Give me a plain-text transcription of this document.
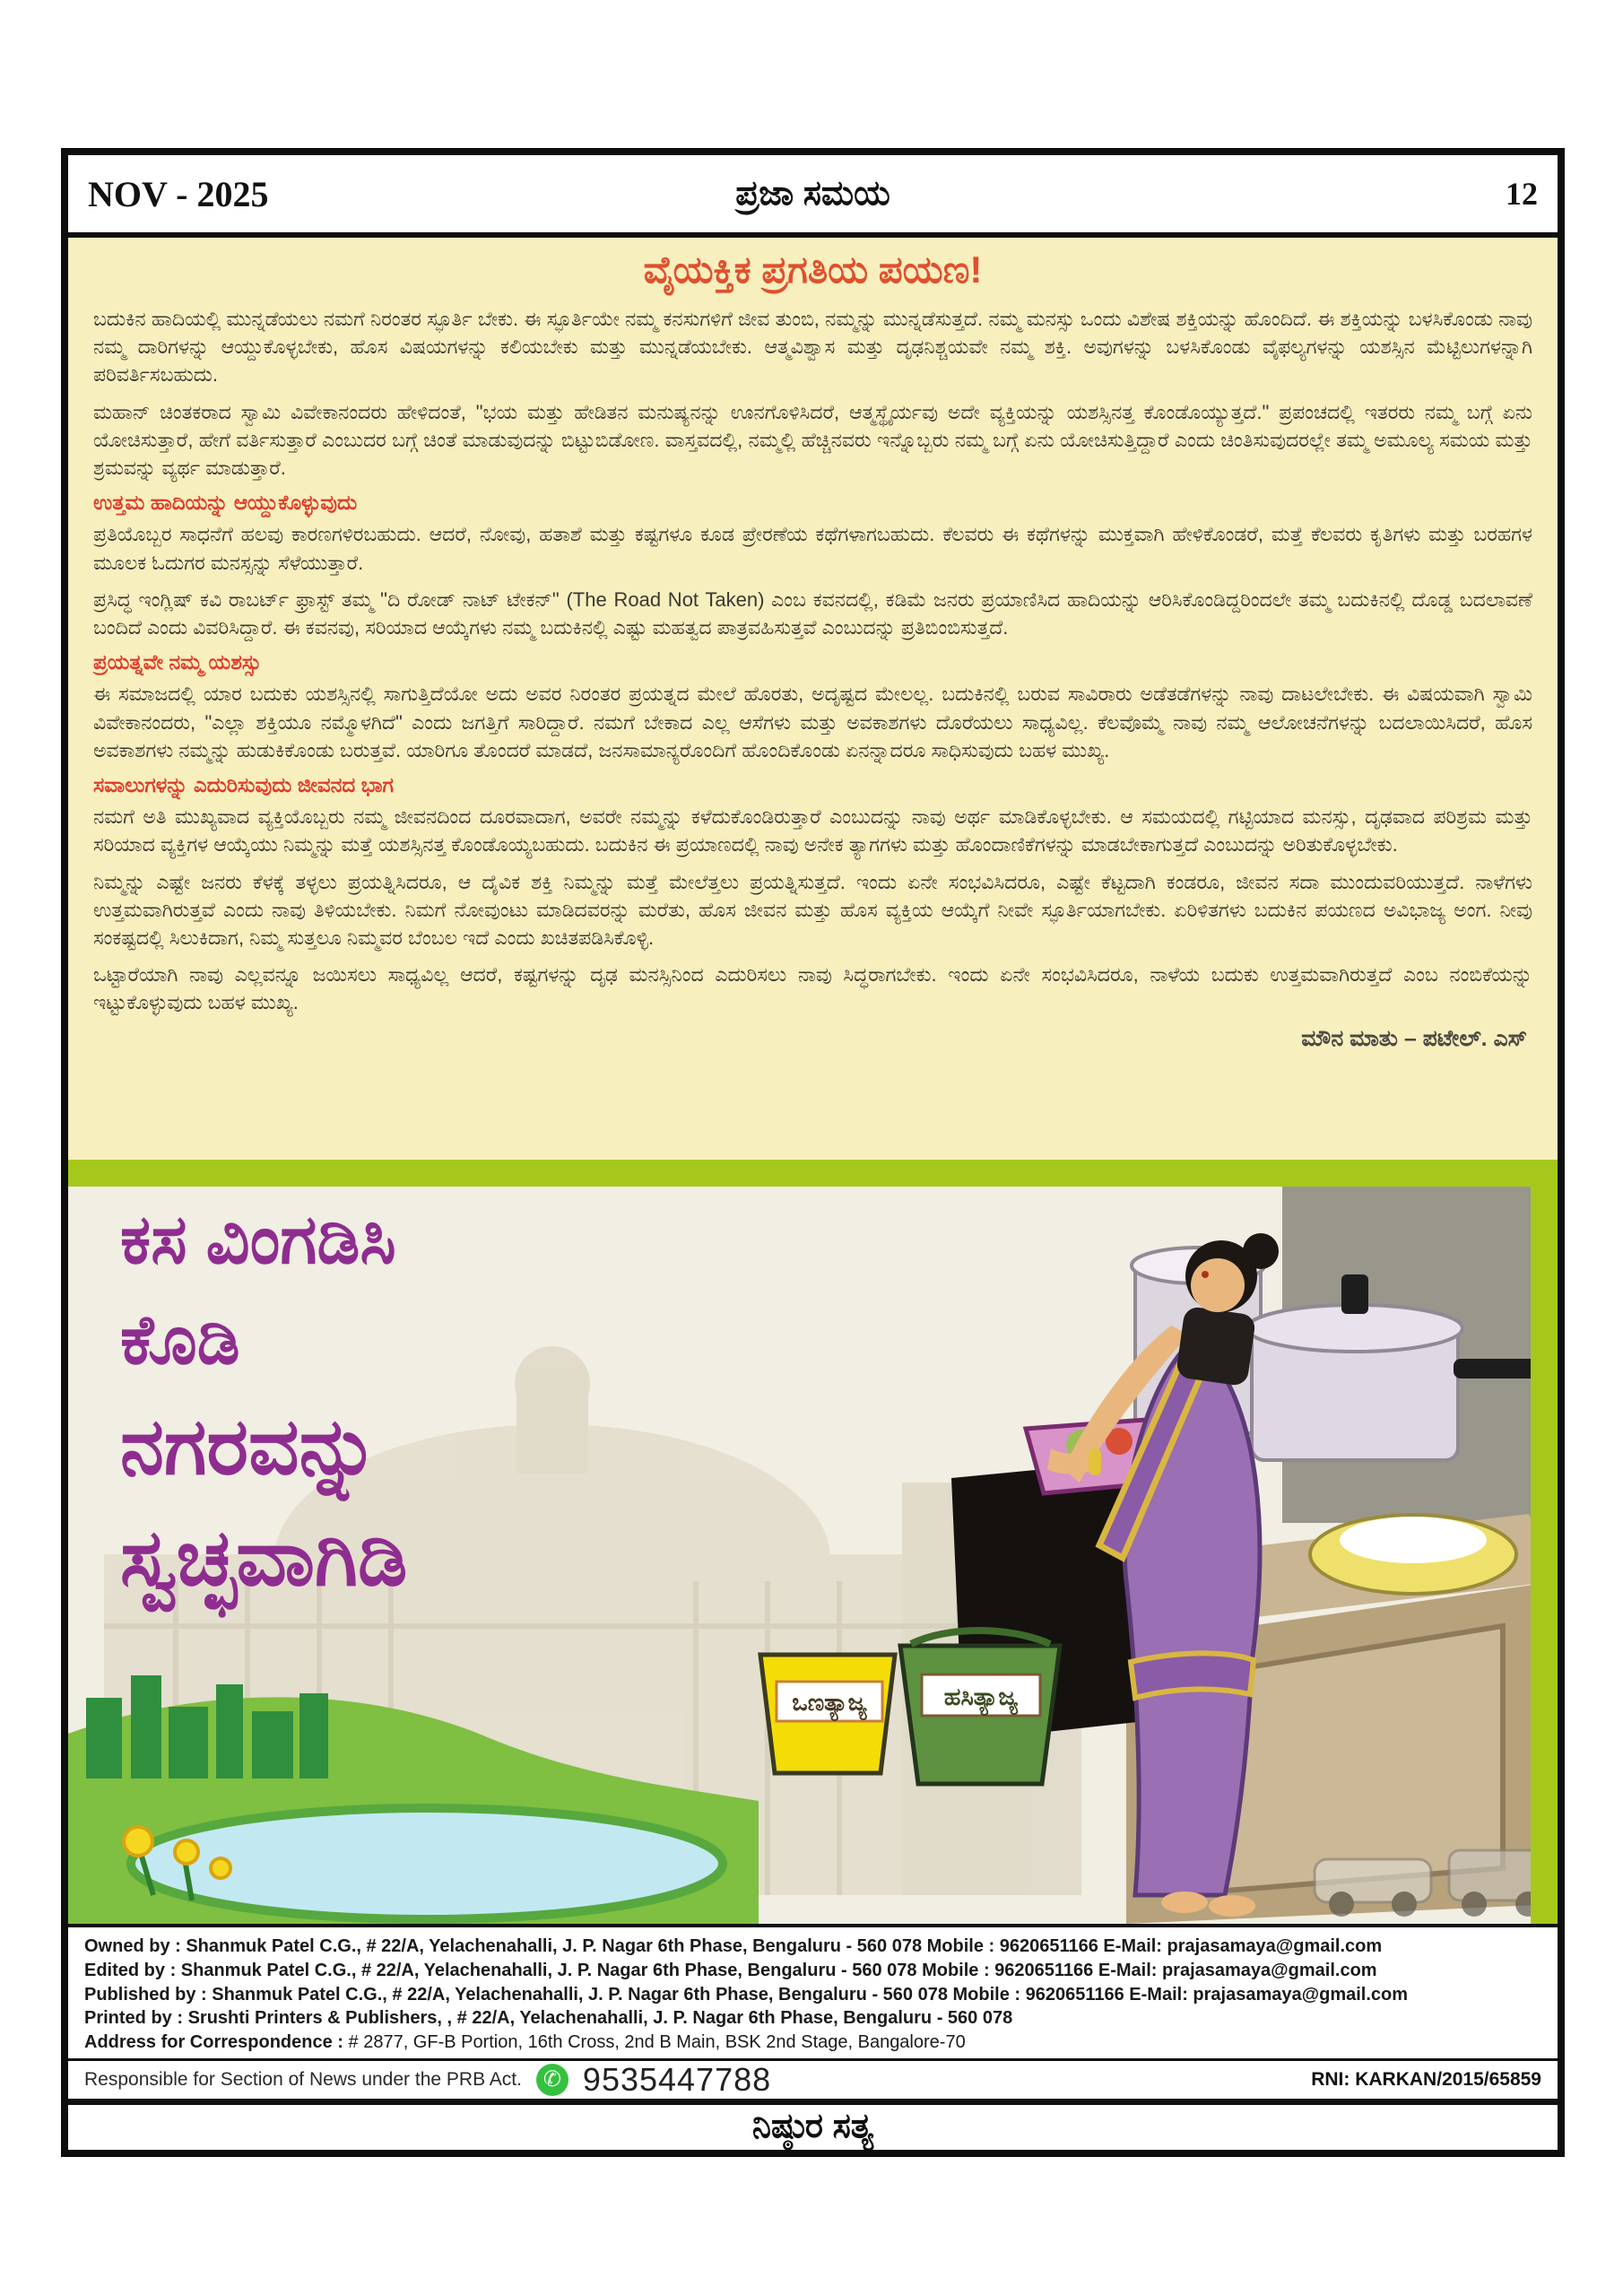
NOV - 2025	ಪ್ರಜಾ ಸಮಯ	12
ವೈಯಕ್ತಿಕ ಪ್ರಗತಿಯ ಪಯಣ!
ಬದುಕಿನ ಹಾದಿಯಲ್ಲಿ ಮುನ್ನಡೆಯಲು ನಮಗೆ ನಿರಂತರ ಸ್ಫೂರ್ತಿ ಬೇಕು. ಈ ಸ್ಫೂರ್ತಿಯೇ ನಮ್ಮ ಕನಸುಗಳಿಗೆ ಜೀವ ತುಂಬಿ, ನಮ್ಮನ್ನು ಮುನ್ನಡೆಸುತ್ತದೆ. ನಮ್ಮ ಮನಸ್ಸು ಒಂದು ವಿಶೇಷ ಶಕ್ತಿಯನ್ನು ಹೊಂದಿದೆ. ಈ ಶಕ್ತಿಯನ್ನು ಬಳಸಿಕೊಂಡು ನಾವು ನಮ್ಮ ದಾರಿಗಳನ್ನು ಆಯ್ದುಕೊಳ್ಳಬೇಕು, ಹೊಸ ವಿಷಯಗಳನ್ನು ಕಲಿಯಬೇಕು ಮತ್ತು ಮುನ್ನಡೆಯಬೇಕು. ಆತ್ಮವಿಶ್ವಾಸ ಮತ್ತು ದೃಢನಿಶ್ಚಯವೇ ನಮ್ಮ ಶಕ್ತಿ. ಅವುಗಳನ್ನು ಬಳಸಿಕೊಂಡು ವೈಫಲ್ಯಗಳನ್ನು ಯಶಸ್ಸಿನ ಮೆಟ್ಟಿಲುಗಳನ್ನಾಗಿ ಪರಿವರ್ತಿಸಬಹುದು.
ಮಹಾನ್ ಚಿಂತಕರಾದ ಸ್ವಾಮಿ ವಿವೇಕಾನಂದರು ಹೇಳಿದಂತೆ, "ಭಯ ಮತ್ತು ಹೇಡಿತನ ಮನುಷ್ಯನನ್ನು ಊನಗೊಳಿಸಿದರೆ, ಆತ್ಮಸ್ಥೈರ್ಯವು ಅದೇ ವ್ಯಕ್ತಿಯನ್ನು ಯಶಸ್ಸಿನತ್ತ ಕೊಂಡೊಯ್ಯುತ್ತದೆ." ಪ್ರಪಂಚದಲ್ಲಿ ಇತರರು ನಮ್ಮ ಬಗ್ಗೆ ಏನು ಯೋಚಿಸುತ್ತಾರೆ, ಹೇಗೆ ವರ್ತಿಸುತ್ತಾರೆ ಎಂಬುದರ ಬಗ್ಗೆ ಚಿಂತೆ ಮಾಡುವುದನ್ನು ಬಿಟ್ಟುಬಿಡೋಣ. ವಾಸ್ತವದಲ್ಲಿ, ನಮ್ಮಲ್ಲಿ ಹೆಚ್ಚಿನವರು ಇನ್ನೊಬ್ಬರು ನಮ್ಮ ಬಗ್ಗೆ ಏನು ಯೋಚಿಸುತ್ತಿದ್ದಾರೆ ಎಂದು ಚಿಂತಿಸುವುದರಲ್ಲೇ ತಮ್ಮ ಅಮೂಲ್ಯ ಸಮಯ ಮತ್ತು ಶ್ರಮವನ್ನು ವ್ಯರ್ಥ ಮಾಡುತ್ತಾರೆ.
ಉತ್ತಮ ಹಾದಿಯನ್ನು ಆಯ್ದುಕೊಳ್ಳುವುದು
ಪ್ರತಿಯೊಬ್ಬರ ಸಾಧನೆಗೆ ಹಲವು ಕಾರಣಗಳಿರಬಹುದು. ಆದರೆ, ನೋವು, ಹತಾಶೆ ಮತ್ತು ಕಷ್ಟಗಳೂ ಕೂಡ ಪ್ರೇರಣೆಯ ಕಥೆಗಳಾಗಬಹುದು. ಕೆಲವರು ಈ ಕಥೆಗಳನ್ನು ಮುಕ್ತವಾಗಿ ಹೇಳಿಕೊಂಡರೆ, ಮತ್ತೆ ಕೆಲವರು ಕೃತಿಗಳು ಮತ್ತು ಬರಹಗಳ ಮೂಲಕ ಓದುಗರ ಮನಸ್ಸನ್ನು ಸೆಳೆಯುತ್ತಾರೆ.
ಪ್ರಸಿದ್ಧ ಇಂಗ್ಲಿಷ್ ಕವಿ ರಾಬರ್ಟ್ ಫ್ರಾಸ್ಟ್ ತಮ್ಮ "ದಿ ರೋಡ್ ನಾಟ್ ಟೇಕನ್" (The Road Not Taken) ಎಂಬ ಕವನದಲ್ಲಿ, ಕಡಿಮೆ ಜನರು ಪ್ರಯಾಣಿಸಿದ ಹಾದಿಯನ್ನು ಆರಿಸಿಕೊಂಡಿದ್ದರಿಂದಲೇ ತಮ್ಮ ಬದುಕಿನಲ್ಲಿ ದೊಡ್ಡ ಬದಲಾವಣೆ ಬಂದಿದೆ ಎಂದು ವಿವರಿಸಿದ್ದಾರೆ. ಈ ಕವನವು, ಸರಿಯಾದ ಆಯ್ಕೆಗಳು ನಮ್ಮ ಬದುಕಿನಲ್ಲಿ ಎಷ್ಟು ಮಹತ್ವದ ಪಾತ್ರವಹಿಸುತ್ತವೆ ಎಂಬುದನ್ನು ಪ್ರತಿಬಿಂಬಿಸುತ್ತದೆ.
ಪ್ರಯತ್ನವೇ ನಮ್ಮ ಯಶಸ್ಸು
ಈ ಸಮಾಜದಲ್ಲಿ ಯಾರ ಬದುಕು ಯಶಸ್ಸಿನಲ್ಲಿ ಸಾಗುತ್ತಿದೆಯೋ ಅದು ಅವರ ನಿರಂತರ ಪ್ರಯತ್ನದ ಮೇಲೆ ಹೊರತು, ಅದೃಷ್ಟದ ಮೇಲಲ್ಲ. ಬದುಕಿನಲ್ಲಿ ಬರುವ ಸಾವಿರಾರು ಅಡೆತಡೆಗಳನ್ನು ನಾವು ದಾಟಲೇಬೇಕು. ಈ ವಿಷಯವಾಗಿ ಸ್ವಾಮಿ ವಿವೇಕಾನಂದರು, "ಎಲ್ಲಾ ಶಕ್ತಿಯೂ ನಮ್ಮೊಳಗಿದೆ" ಎಂದು ಜಗತ್ತಿಗೆ ಸಾರಿದ್ದಾರೆ. ನಮಗೆ ಬೇಕಾದ ಎಲ್ಲ ಆಸೆಗಳು ಮತ್ತು ಅವಕಾಶಗಳು ದೊರೆಯಲು ಸಾಧ್ಯವಿಲ್ಲ. ಕೆಲವೊಮ್ಮೆ ನಾವು ನಮ್ಮ ಆಲೋಚನೆಗಳನ್ನು ಬದಲಾಯಿಸಿದರೆ, ಹೊಸ ಅವಕಾಶಗಳು ನಮ್ಮನ್ನು ಹುಡುಕಿಕೊಂಡು ಬರುತ್ತವೆ. ಯಾರಿಗೂ ತೊಂದರೆ ಮಾಡದೆ, ಜನಸಾಮಾನ್ಯರೊಂದಿಗೆ ಹೊಂದಿಕೊಂಡು ಏನನ್ನಾದರೂ ಸಾಧಿಸುವುದು ಬಹಳ ಮುಖ್ಯ.
ಸವಾಲುಗಳನ್ನು ಎದುರಿಸುವುದು ಜೀವನದ ಭಾಗ
ನಮಗೆ ಅತಿ ಮುಖ್ಯವಾದ ವ್ಯಕ್ತಿಯೊಬ್ಬರು ನಮ್ಮ ಜೀವನದಿಂದ ದೂರವಾದಾಗ, ಅವರೇ ನಮ್ಮನ್ನು ಕಳೆದುಕೊಂಡಿರುತ್ತಾರೆ ಎಂಬುದನ್ನು ನಾವು ಅರ್ಥ ಮಾಡಿಕೊಳ್ಳಬೇಕು. ಆ ಸಮಯದಲ್ಲಿ ಗಟ್ಟಿಯಾದ ಮನಸ್ಸು, ದೃಢವಾದ ಪರಿಶ್ರಮ ಮತ್ತು ಸರಿಯಾದ ವ್ಯಕ್ತಿಗಳ ಆಯ್ಕೆಯು ನಿಮ್ಮನ್ನು ಮತ್ತೆ ಯಶಸ್ಸಿನತ್ತ ಕೊಂಡೊಯ್ಯಬಹುದು. ಬದುಕಿನ ಈ ಪ್ರಯಾಣದಲ್ಲಿ ನಾವು ಅನೇಕ ತ್ಯಾಗಗಳು ಮತ್ತು ಹೊಂದಾಣಿಕೆಗಳನ್ನು ಮಾಡಬೇಕಾಗುತ್ತದೆ ಎಂಬುದನ್ನು ಅರಿತುಕೊಳ್ಳಬೇಕು.
ನಿಮ್ಮನ್ನು ಎಷ್ಟೇ ಜನರು ಕೆಳಕ್ಕೆ ತಳ್ಳಲು ಪ್ರಯತ್ನಿಸಿದರೂ, ಆ ದೈವಿಕ ಶಕ್ತಿ ನಿಮ್ಮನ್ನು ಮತ್ತೆ ಮೇಲೆತ್ತಲು ಪ್ರಯತ್ನಿಸುತ್ತದೆ. ಇಂದು ಏನೇ ಸಂಭವಿಸಿದರೂ, ಎಷ್ಟೇ ಕೆಟ್ಟದಾಗಿ ಕಂಡರೂ, ಜೀವನ ಸದಾ ಮುಂದುವರಿಯುತ್ತದೆ. ನಾಳೆಗಳು ಉತ್ತಮವಾಗಿರುತ್ತವೆ ಎಂದು ನಾವು ತಿಳಿಯಬೇಕು. ನಿಮಗೆ ನೋವುಂಟು ಮಾಡಿದವರನ್ನು ಮರೆತು, ಹೊಸ ಜೀವನ ಮತ್ತು ಹೊಸ ವ್ಯಕ್ತಿಯ ಆಯ್ಕೆಗೆ ನೀವೇ ಸ್ಫೂರ್ತಿಯಾಗಬೇಕು. ಏರಿಳಿತಗಳು ಬದುಕಿನ ಪಯಣದ ಅವಿಭಾಜ್ಯ ಅಂಗ. ನೀವು ಸಂಕಷ್ಟದಲ್ಲಿ ಸಿಲುಕಿದಾಗ, ನಿಮ್ಮ ಸುತ್ತಲೂ ನಿಮ್ಮವರ ಬೆಂಬಲ ಇದೆ ಎಂದು ಖಚಿತಪಡಿಸಿಕೊಳ್ಳಿ.
ಒಟ್ಟಾರೆಯಾಗಿ ನಾವು ಎಲ್ಲವನ್ನೂ ಜಯಿಸಲು ಸಾಧ್ಯವಿಲ್ಲ ಆದರೆ, ಕಷ್ಟಗಳನ್ನು ದೃಢ ಮನಸ್ಸಿನಿಂದ ಎದುರಿಸಲು ನಾವು ಸಿದ್ಧರಾಗಬೇಕು. ಇಂದು ಏನೇ ಸಂಭವಿಸಿದರೂ, ನಾಳೆಯ ಬದುಕು ಉತ್ತಮವಾಗಿರುತ್ತದೆ ಎಂಬ ನಂಬಿಕೆಯನ್ನು ಇಟ್ಟುಕೊಳ್ಳುವುದು ಬಹಳ ಮುಖ್ಯ.
ಮೌನ ಮಾತು – ಪಟೇಲ್. ಎಸ್
ಒಣತ್ಯಾಜ್ಯ	ಹಸಿತ್ಯಾಜ್ಯ
ಕಸ ವಿಂಗಡಿಸಿ
ಕೊಡಿ
ನಗರವನ್ನು
ಸ್ವಚ್ಛವಾಗಿಡಿ
Owned by : Shanmuk Patel C.G., # 22/A, Yelachenahalli, J. P. Nagar 6th Phase, Bengaluru - 560 078 Mobile : 9620651166 E-Mail: prajasamaya@gmail.com
Edited by : Shanmuk Patel C.G., # 22/A, Yelachenahalli, J. P. Nagar 6th Phase, Bengaluru - 560 078 Mobile : 9620651166 E-Mail: prajasamaya@gmail.com
Published by : Shanmuk Patel C.G., # 22/A, Yelachenahalli, J. P. Nagar 6th Phase, Bengaluru - 560 078 Mobile : 9620651166 E-Mail: prajasamaya@gmail.com
Printed by : Srushti Printers & Publishers, , # 22/A, Yelachenahalli, J. P. Nagar 6th Phase, Bengaluru - 560 078
Address for Correspondence : # 2877, GF-B Portion, 16th Cross, 2nd B Main, BSK 2nd Stage, Bangalore-70
Responsible for Section of News under the PRB Act. ✆ 9535447788	RNI: KARKAN/2015/65859
ನಿಷ್ಠುರ ಸತ್ಯ
